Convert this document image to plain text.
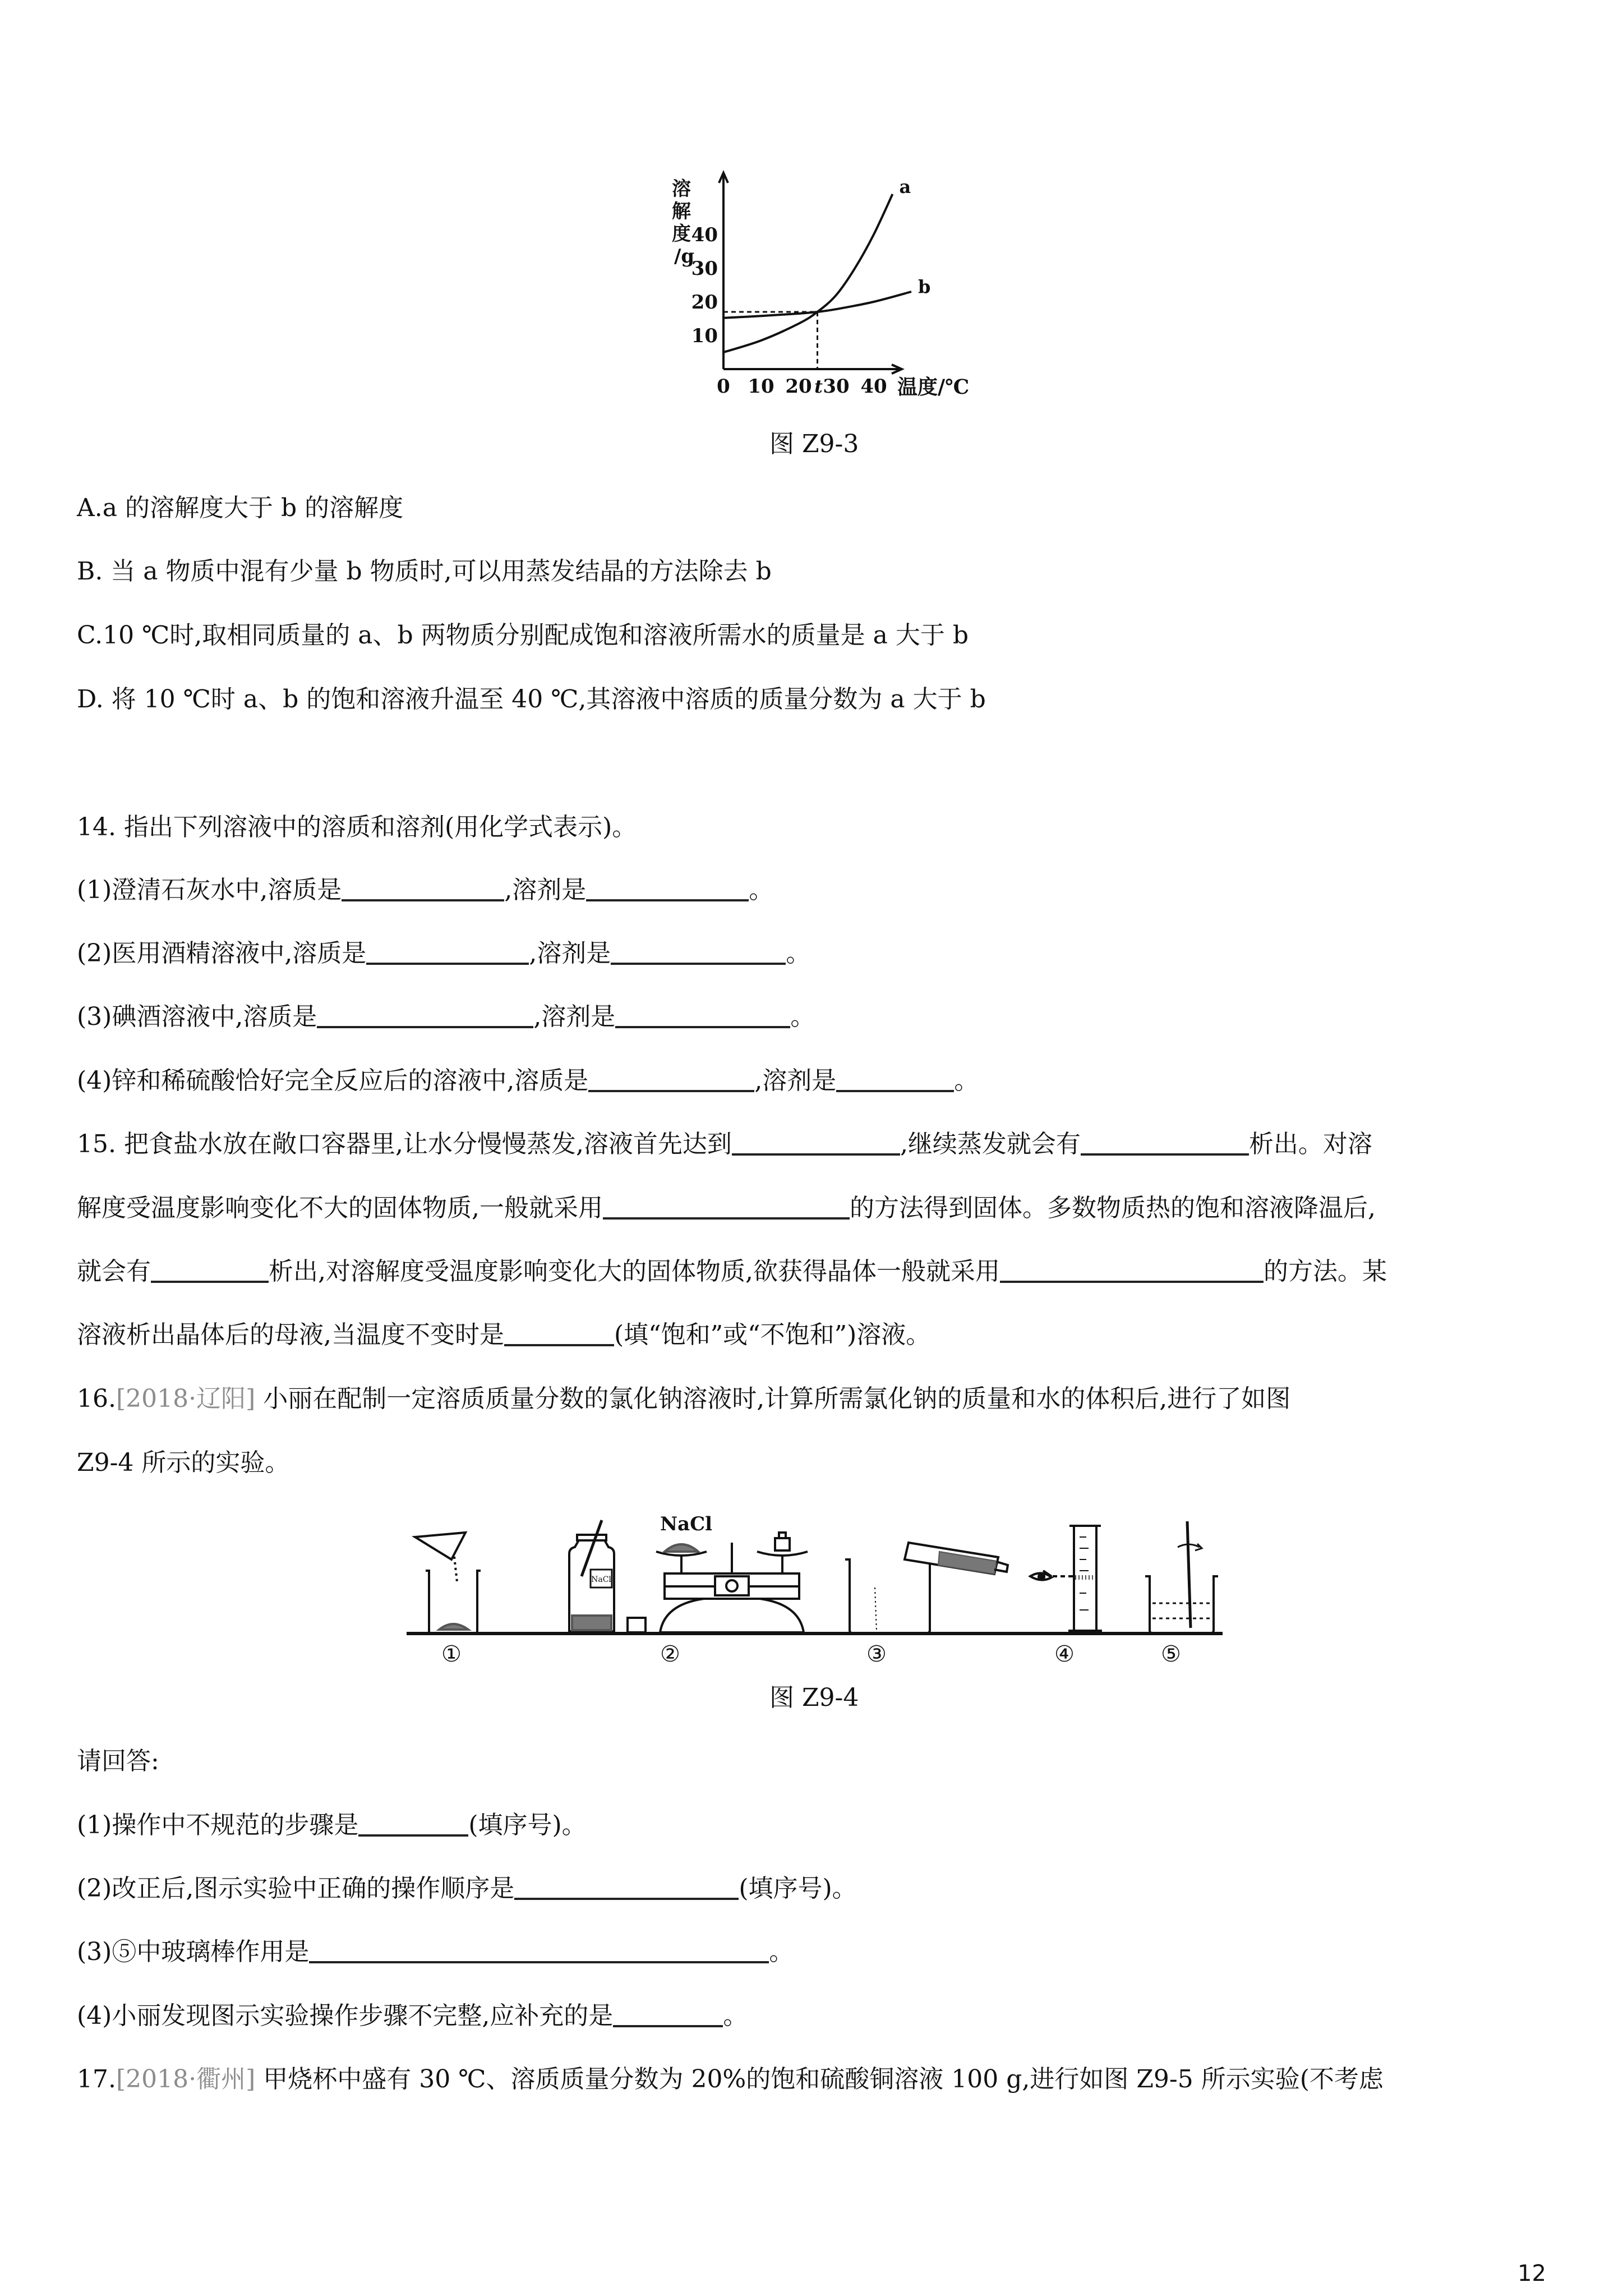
10
20
30
40
0 10 20 t 30 40
溶
解
度
/g
温度/℃
a
b
图 Z9-3
A.a 的溶解度大于 b 的溶解度
B. 当 a 物质中混有少量 b 物质时,可以用蒸发结晶的方法除去 b
C.10 ℃时,取相同质量的 a、b 两物质分别配成饱和溶液所需水的质量是 a 大于 b
D. 将 10 ℃时 a、b 的饱和溶液升温至 40 ℃,其溶液中溶质的质量分数为 a 大于 b
14. 指出下列溶液中的溶质和溶剂(用化学式表示)。
(1)澄清石灰水中,溶质是	,溶剂是	。
(2)医用酒精溶液中,溶质是	,溶剂是	。
(3)碘酒溶液中,溶质是	,溶剂是	。
(4)锌和稀硫酸恰好完全反应后的溶液中,溶质是	,溶剂是	。
15. 把食盐水放在敞口容器里,让水分慢慢蒸发,溶液首先达到	,继续蒸发就会有	析出。对溶
解度受温度影响变化不大的固体物质,一般就采用	的方法得到固体。多数物质热的饱和溶液降温后,
就会有	析出,对溶解度受温度影响变化大的固体物质,欲获得晶体一般就采用	的方法。某
溶液析出晶体后的母液,当温度不变时是	(填“饱和”或“不饱和”)溶液。
16.[2018·辽阳] 小丽在配制一定溶质质量分数的氯化钠溶液时,计算所需氯化钠的质量和水的体积后,进行了如图
Z9-4 所示的实验。
NaCl
NaCl
①	②	③	④	⑤
图 Z9-4
请回答:
(1)操作中不规范的步骤是	(填序号)。
(2)改正后,图示实验中正确的操作顺序是	(填序号)。
(3)⑤中玻璃棒作用是	。
(4)小丽发现图示实验操作步骤不完整,应补充的是	。
17.[2018·衢州] 甲烧杯中盛有 30 ℃、溶质质量分数为 20%的饱和硫酸铜溶液 100 g,进行如图 Z9-5 所示实验(不考虑
12
